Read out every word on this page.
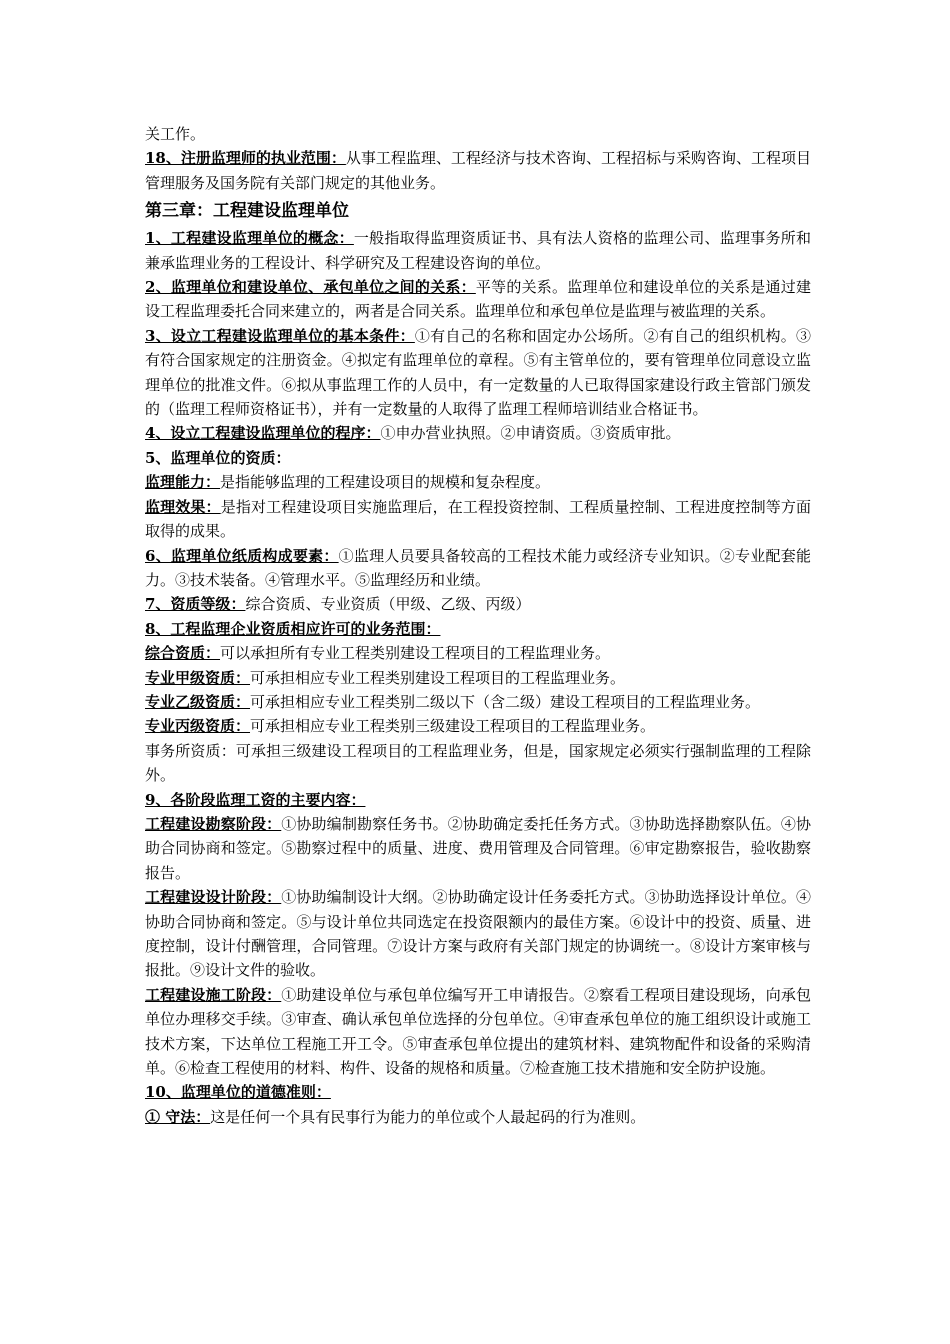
关工作。

18、注册监理师的执业范围：从事工程监理、工程经济与技术咨询、工程招标与采购咨询、工程项目管理服务及国务院有关部门规定的其他业务。

第三章：工程建设监理单位

1、工程建设监理单位的概念：一般指取得监理资质证书、具有法人资格的监理公司、监理事务所和兼承监理业务的工程设计、科学研究及工程建设咨询的单位。

2、监理单位和建设单位、承包单位之间的关系：平等的关系。监理单位和建设单位的关系是通过建设工程监理委托合同来建立的，两者是合同关系。监理单位和承包单位是监理与被监理的关系。

3、设立工程建设监理单位的基本条件：①有自己的名称和固定办公场所。②有自己的组织机构。③有符合国家规定的注册资金。④拟定有监理单位的章程。⑤有主管单位的，要有管理单位同意设立监理单位的批准文件。⑥拟从事监理工作的人员中，有一定数量的人已取得国家建设行政主管部门颁发的（监理工程师资格证书），并有一定数量的人取得了监理工程师培训结业合格证书。

4、设立工程建设监理单位的程序：①申办营业执照。②申请资质。③资质审批。

5、监理单位的资质：

监理能力：是指能够监理的工程建设项目的规模和复杂程度。

监理效果：是指对工程建设项目实施监理后，在工程投资控制、工程质量控制、工程进度控制等方面取得的成果。

6、监理单位纸质构成要素：①监理人员要具备较高的工程技术能力或经济专业知识。②专业配套能力。③技术装备。④管理水平。⑤监理经历和业绩。

7、资质等级：综合资质、专业资质（甲级、乙级、丙级）

8、工程监理企业资质相应许可的业务范围：

综合资质：可以承担所有专业工程类别建设工程项目的工程监理业务。

专业甲级资质：可承担相应专业工程类别建设工程项目的工程监理业务。

专业乙级资质：可承担相应专业工程类别二级以下（含二级）建设工程项目的工程监理业务。

专业丙级资质：可承担相应专业工程类别三级建设工程项目的工程监理业务。

事务所资质：可承担三级建设工程项目的工程监理业务，但是，国家规定必须实行强制监理的工程除外。

9、各阶段监理工资的主要内容：

工程建设勘察阶段：①协助编制勘察任务书。②协助确定委托任务方式。③协助选择勘察队伍。④协助合同协商和签定。⑤勘察过程中的质量、进度、费用管理及合同管理。⑥审定勘察报告，验收勘察报告。

工程建设设计阶段：①协助编制设计大纲。②协助确定设计任务委托方式。③协助选择设计单位。④协助合同协商和签定。⑤与设计单位共同选定在投资限额内的最佳方案。⑥设计中的投资、质量、进度控制，设计付酬管理，合同管理。⑦设计方案与政府有关部门规定的协调统一。⑧设计方案审核与报批。⑨设计文件的验收。

工程建设施工阶段：①助建设单位与承包单位编写开工申请报告。②察看工程项目建设现场，向承包单位办理移交手续。③审查、确认承包单位选择的分包单位。④审查承包单位的施工组织设计或施工技术方案，下达单位工程施工开工令。⑤审查承包单位提出的建筑材料、建筑物配件和设备的采购清单。⑥检查工程使用的材料、构件、设备的规格和质量。⑦检查施工技术措施和安全防护设施。

10、监理单位的道德准则：

① 守法：这是任何一个具有民事行为能力的单位或个人最起码的行为准则。
